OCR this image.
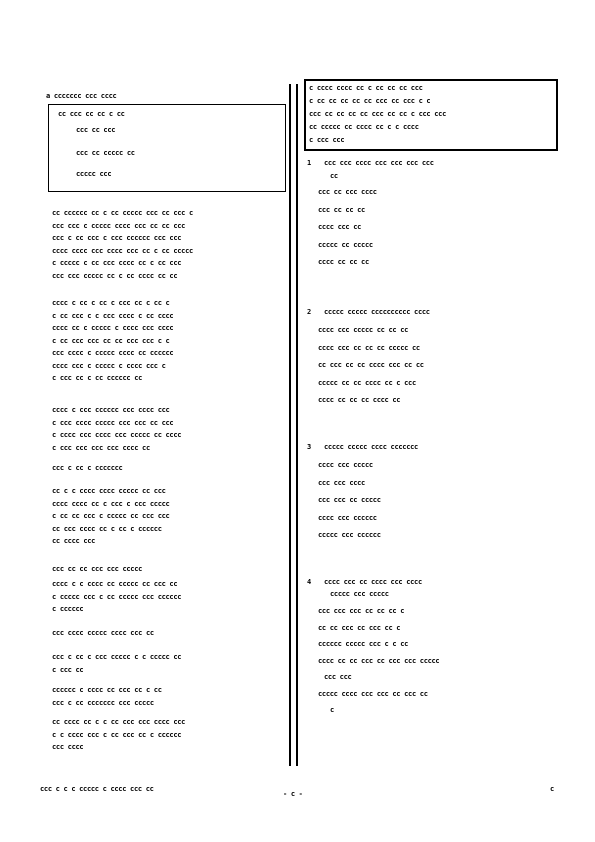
a ccccccc ccc cccc
cc ccc cc cc c cc
ccc cc ccc
ccc cc ccccc cc
ccccc ccc
cc cccccc cc c cc ccccc ccc cc ccc c
ccc ccc c ccccc cccc ccc cc cc ccc
ccc c cc ccc c ccc cccccc ccc ccc
cccc cccc ccc cccc ccc cc c cc ccccc
c ccccc c cc ccc cccc cc c cc ccc
ccc ccc ccccc cc c cc cccc cc cc
cccc c cc c cc c ccc cc c cc c
c cc ccc c c ccc cccc c cc cccc
cccc cc c ccccc c cccc ccc cccc
c cc ccc ccc cc cc ccc ccc c c
ccc cccc c ccccc cccc cc cccccc
cccc ccc c ccccc c cccc ccc c
c ccc cc c cc cccccc cc
cccc c ccc cccccc ccc cccc ccc
c ccc cccc ccccc ccc ccc cc ccc
c cccc ccc cccc ccc ccccc cc cccc
c ccc ccc ccc ccc cccc cc
ccc c cc c ccccccc
cc c c cccc cccc ccccc cc ccc
cccc cccc cc c ccc c ccc ccccc
c cc cc ccc c ccccc cc ccc ccc
cc ccc cccc cc c cc c cccccc
cc cccc ccc
ccc cc cc ccc ccc ccccc
cccc c c cccc cc ccccc cc ccc cc
c ccccc ccc c cc ccccc ccc cccccc
c cccccc
ccc cccc ccccc cccc ccc cc
ccc c cc c ccc ccccc c c ccccc cc
c ccc cc
cccccc c cccc cc ccc cc c cc
ccc c cc ccccccc ccc ccccc
cc cccc cc c c cc ccc ccc cccc ccc
c c cccc ccc c cc ccc cc c cccccc
ccc cccc
c cccc cccc cc c cc cc cc ccc
c cc cc cc cc cc ccc cc ccc c c
ccc cc cc cc cc ccc cc cc c ccc ccc
cc ccccc cc cccc cc c c cccc
c ccc ccc
1	ccc ccc cccc ccc ccc ccc ccc
cc
ccc cc ccc cccc
ccc cc cc cc
cccc ccc cc
ccccc cc ccccc
cccc cc cc cc
2	ccccc ccccc cccccccccc cccc
cccc ccc ccccc cc cc cc
cccc ccc cc cc cc ccccc cc
cc ccc cc cc cccc ccc cc cc
ccccc cc cc cccc cc c ccc
cccc cc cc cc cccc cc
3	ccccc ccccc cccc ccccccc
cccc ccc ccccc
ccc ccc cccc
ccc ccc cc ccccc
cccc ccc cccccc
ccccc ccc cccccc
4	cccc ccc cc cccc ccc cccc
ccccc ccc ccccc
ccc ccc ccc cc cc cc c
cc cc ccc cc ccc cc c
cccccc ccccc ccc c c cc
cccc cc cc ccc cc ccc ccc ccccc
ccc ccc
ccccc cccc ccc ccc cc ccc cc
c
ccc c c c ccccc c cccc ccc cc
- c -
c
